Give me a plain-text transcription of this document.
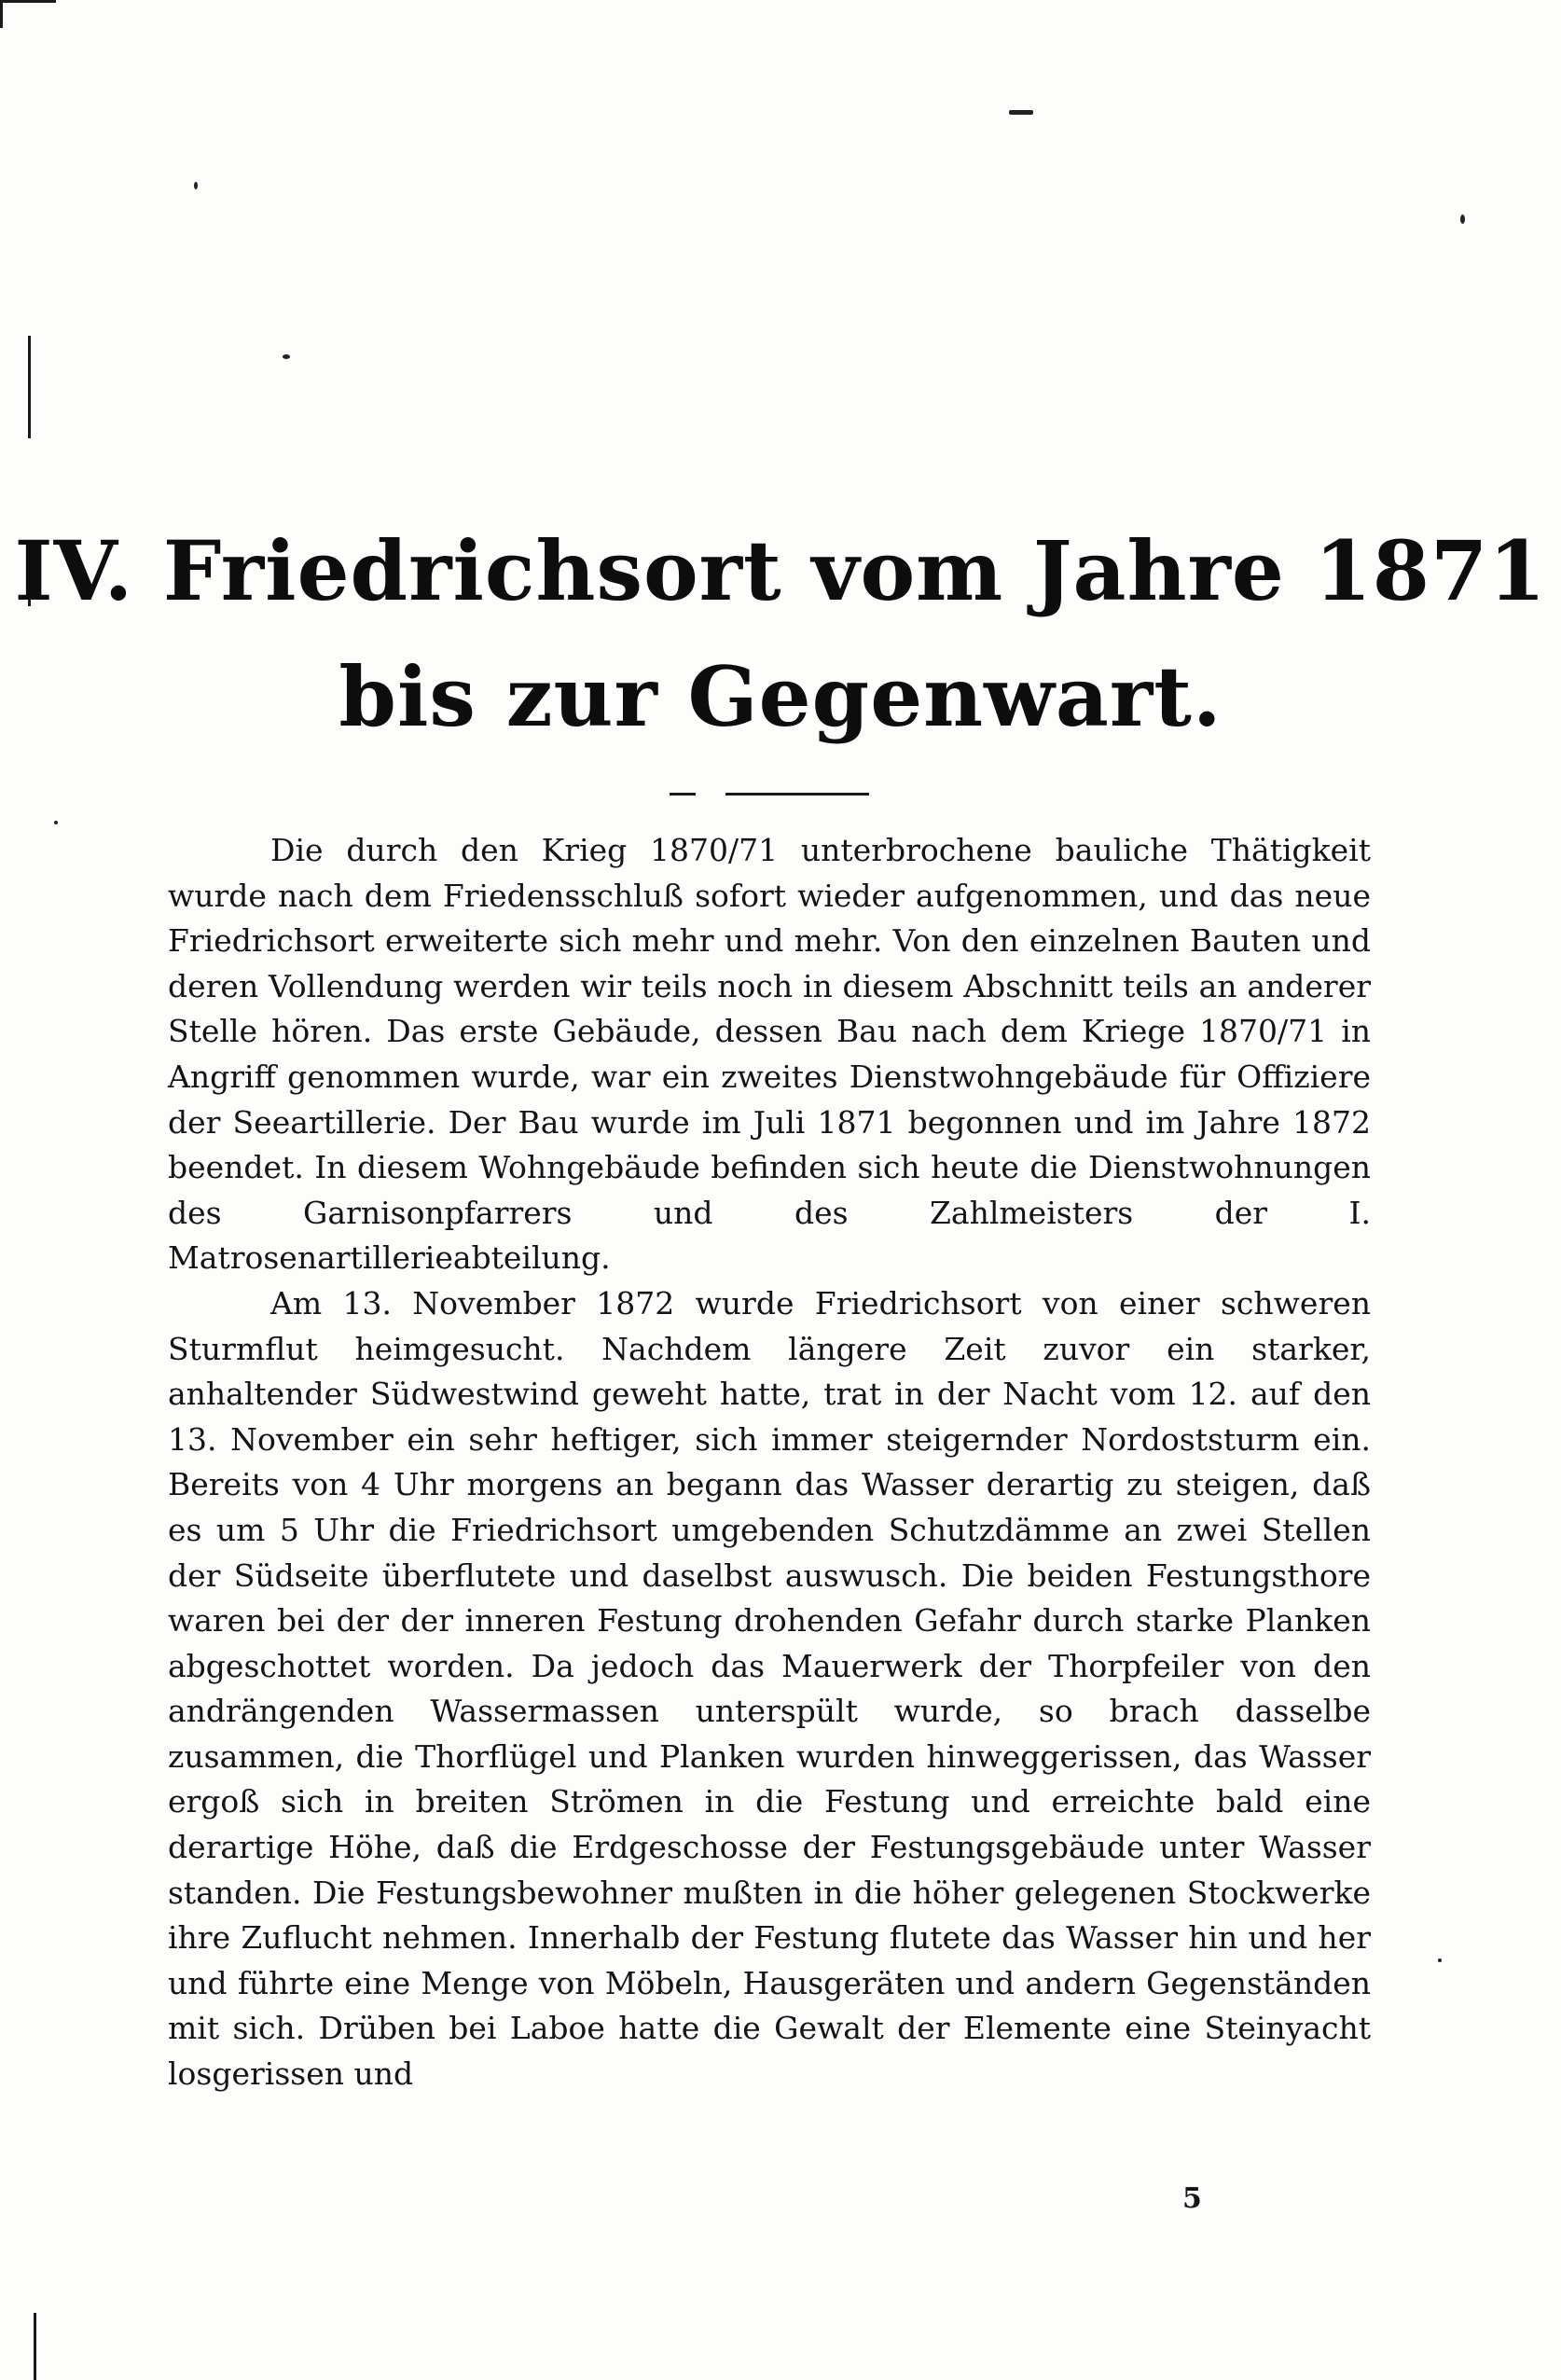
IV. Friedrichsort vom Jahre 1871
bis zur Gegenwart.

Die durch den Krieg 1870/71 unterbrochene bauliche Thätigkeit wurde nach dem Friedensschluß sofort wieder aufgenommen, und das neue Friedrichsort erweiterte sich mehr und mehr. Von den einzelnen Bauten und deren Vollendung werden wir teils noch in diesem Abschnitt teils an anderer Stelle hören. Das erste Gebäude, dessen Bau nach dem Kriege 1870/71 in Angriff genommen wurde, war ein zweites Dienstwohngebäude für Offiziere der Seeartillerie. Der Bau wurde im Juli 1871 begonnen und im Jahre 1872 beendet. In diesem Wohngebäude befinden sich heute die Dienstwohnungen des Garnisonpfarrers und des Zahlmeisters der I. Matrosenartillerieabteilung.

Am 13. November 1872 wurde Friedrichsort von einer schweren Sturmflut heimgesucht. Nachdem längere Zeit zuvor ein starker, anhaltender Südwestwind geweht hatte, trat in der Nacht vom 12. auf den 13. November ein sehr heftiger, sich immer steigernder Nordoststurm ein. Bereits von 4 Uhr morgens an begann das Wasser derartig zu steigen, daß es um 5 Uhr die Friedrichsort umgebenden Schutzdämme an zwei Stellen der Südseite überflutete und daselbst auswusch. Die beiden Festungsthore waren bei der der inneren Festung drohenden Gefahr durch starke Planken abgeschottet worden. Da jedoch das Mauerwerk der Thorpfeiler von den andrängenden Wassermassen unterspült wurde, so brach dasselbe zusammen, die Thorflügel und Planken wurden hinweggerissen, das Wasser ergoß sich in breiten Strömen in die Festung und erreichte bald eine derartige Höhe, daß die Erdgeschosse der Festungsgebäude unter Wasser standen. Die Festungsbewohner mußten in die höher gelegenen Stockwerke ihre Zuflucht nehmen. Innerhalb der Festung flutete das Wasser hin und her und führte eine Menge von Möbeln, Hausgeräten und andern Gegenständen mit sich. Drüben bei Laboe hatte die Gewalt der Elemente eine Steinyacht losgerissen und

5
